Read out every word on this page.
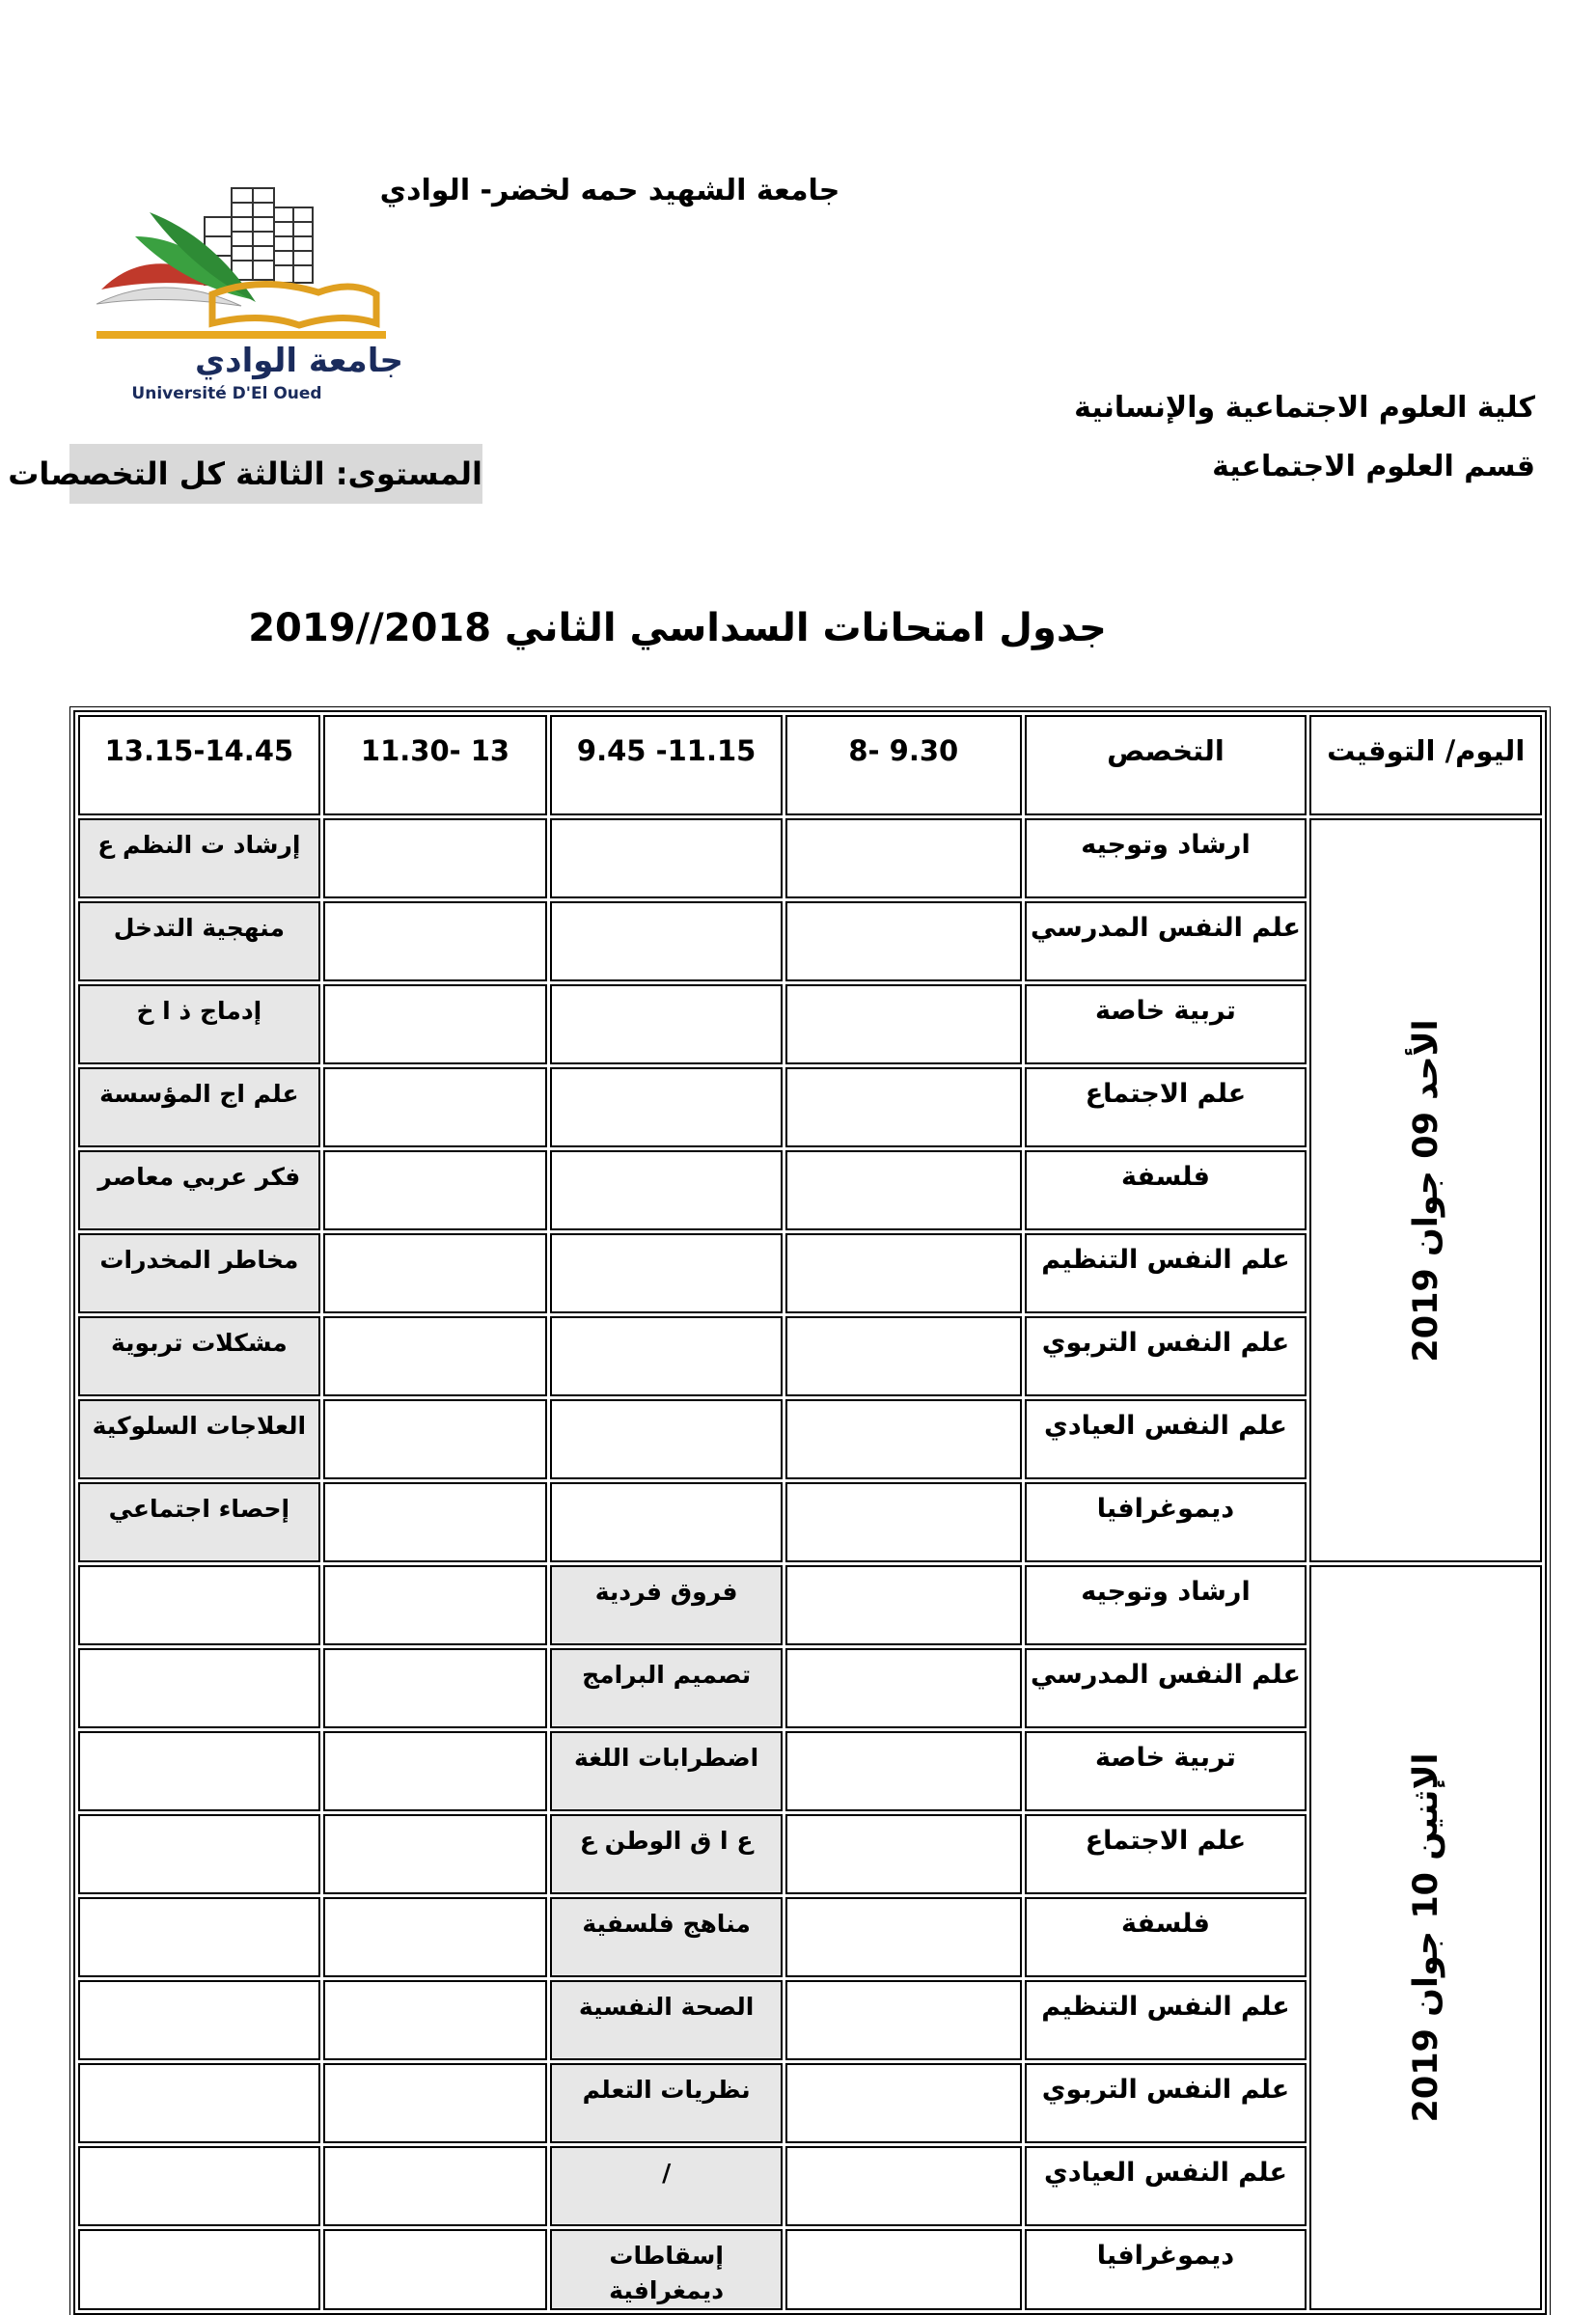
جامعة الشهيد حمه لخضر- الوادي
جامعة الوادي
Université D'El Oued	كلية العلوم الاجتماعية والإنسانية
قسم العلوم الاجتماعية
المستوى: الثالثة كل التخصصات
جدول امتحانات السداسي الثاني 2018//2019
اليوم/ التوقيت	التخصص	8- 9.30	9.45 -11.15	11.30- 13	13.15-14.45

الأحد 09 جوان 2019	ارشاد وتوجيه				إرشاد ت النظم ع
	علم النفس المدرسي				منهجية التدخل
	تربية خاصة				إدماج ذ ا خ
	علم الاجتماع				علم اج المؤسسة
	فلسفة				فكر عربي معاصر
	علم النفس التنظيم				مخاطر المخدرات
	علم النفس التربوي				مشكلات تربوية
	علم النفس العيادي				العلاجات السلوكية
	ديموغرافيا				إحصاء اجتماعي

الإثنين 10 جوان 2019	ارشاد وتوجيه		فروق فردية		
	علم النفس المدرسي		تصميم البرامج		
	تربية خاصة		اضطرابات اللغة		
	علم الاجتماع		ع ا ق الوطن ع		
	فلسفة		مناهج فلسفية		
	علم النفس التنظيم		الصحة النفسية		
	علم النفس التربوي		نظريات التعلم		
	علم النفس العيادي		/		
	ديموغرافيا		إسقاطات ديمغرافية		
